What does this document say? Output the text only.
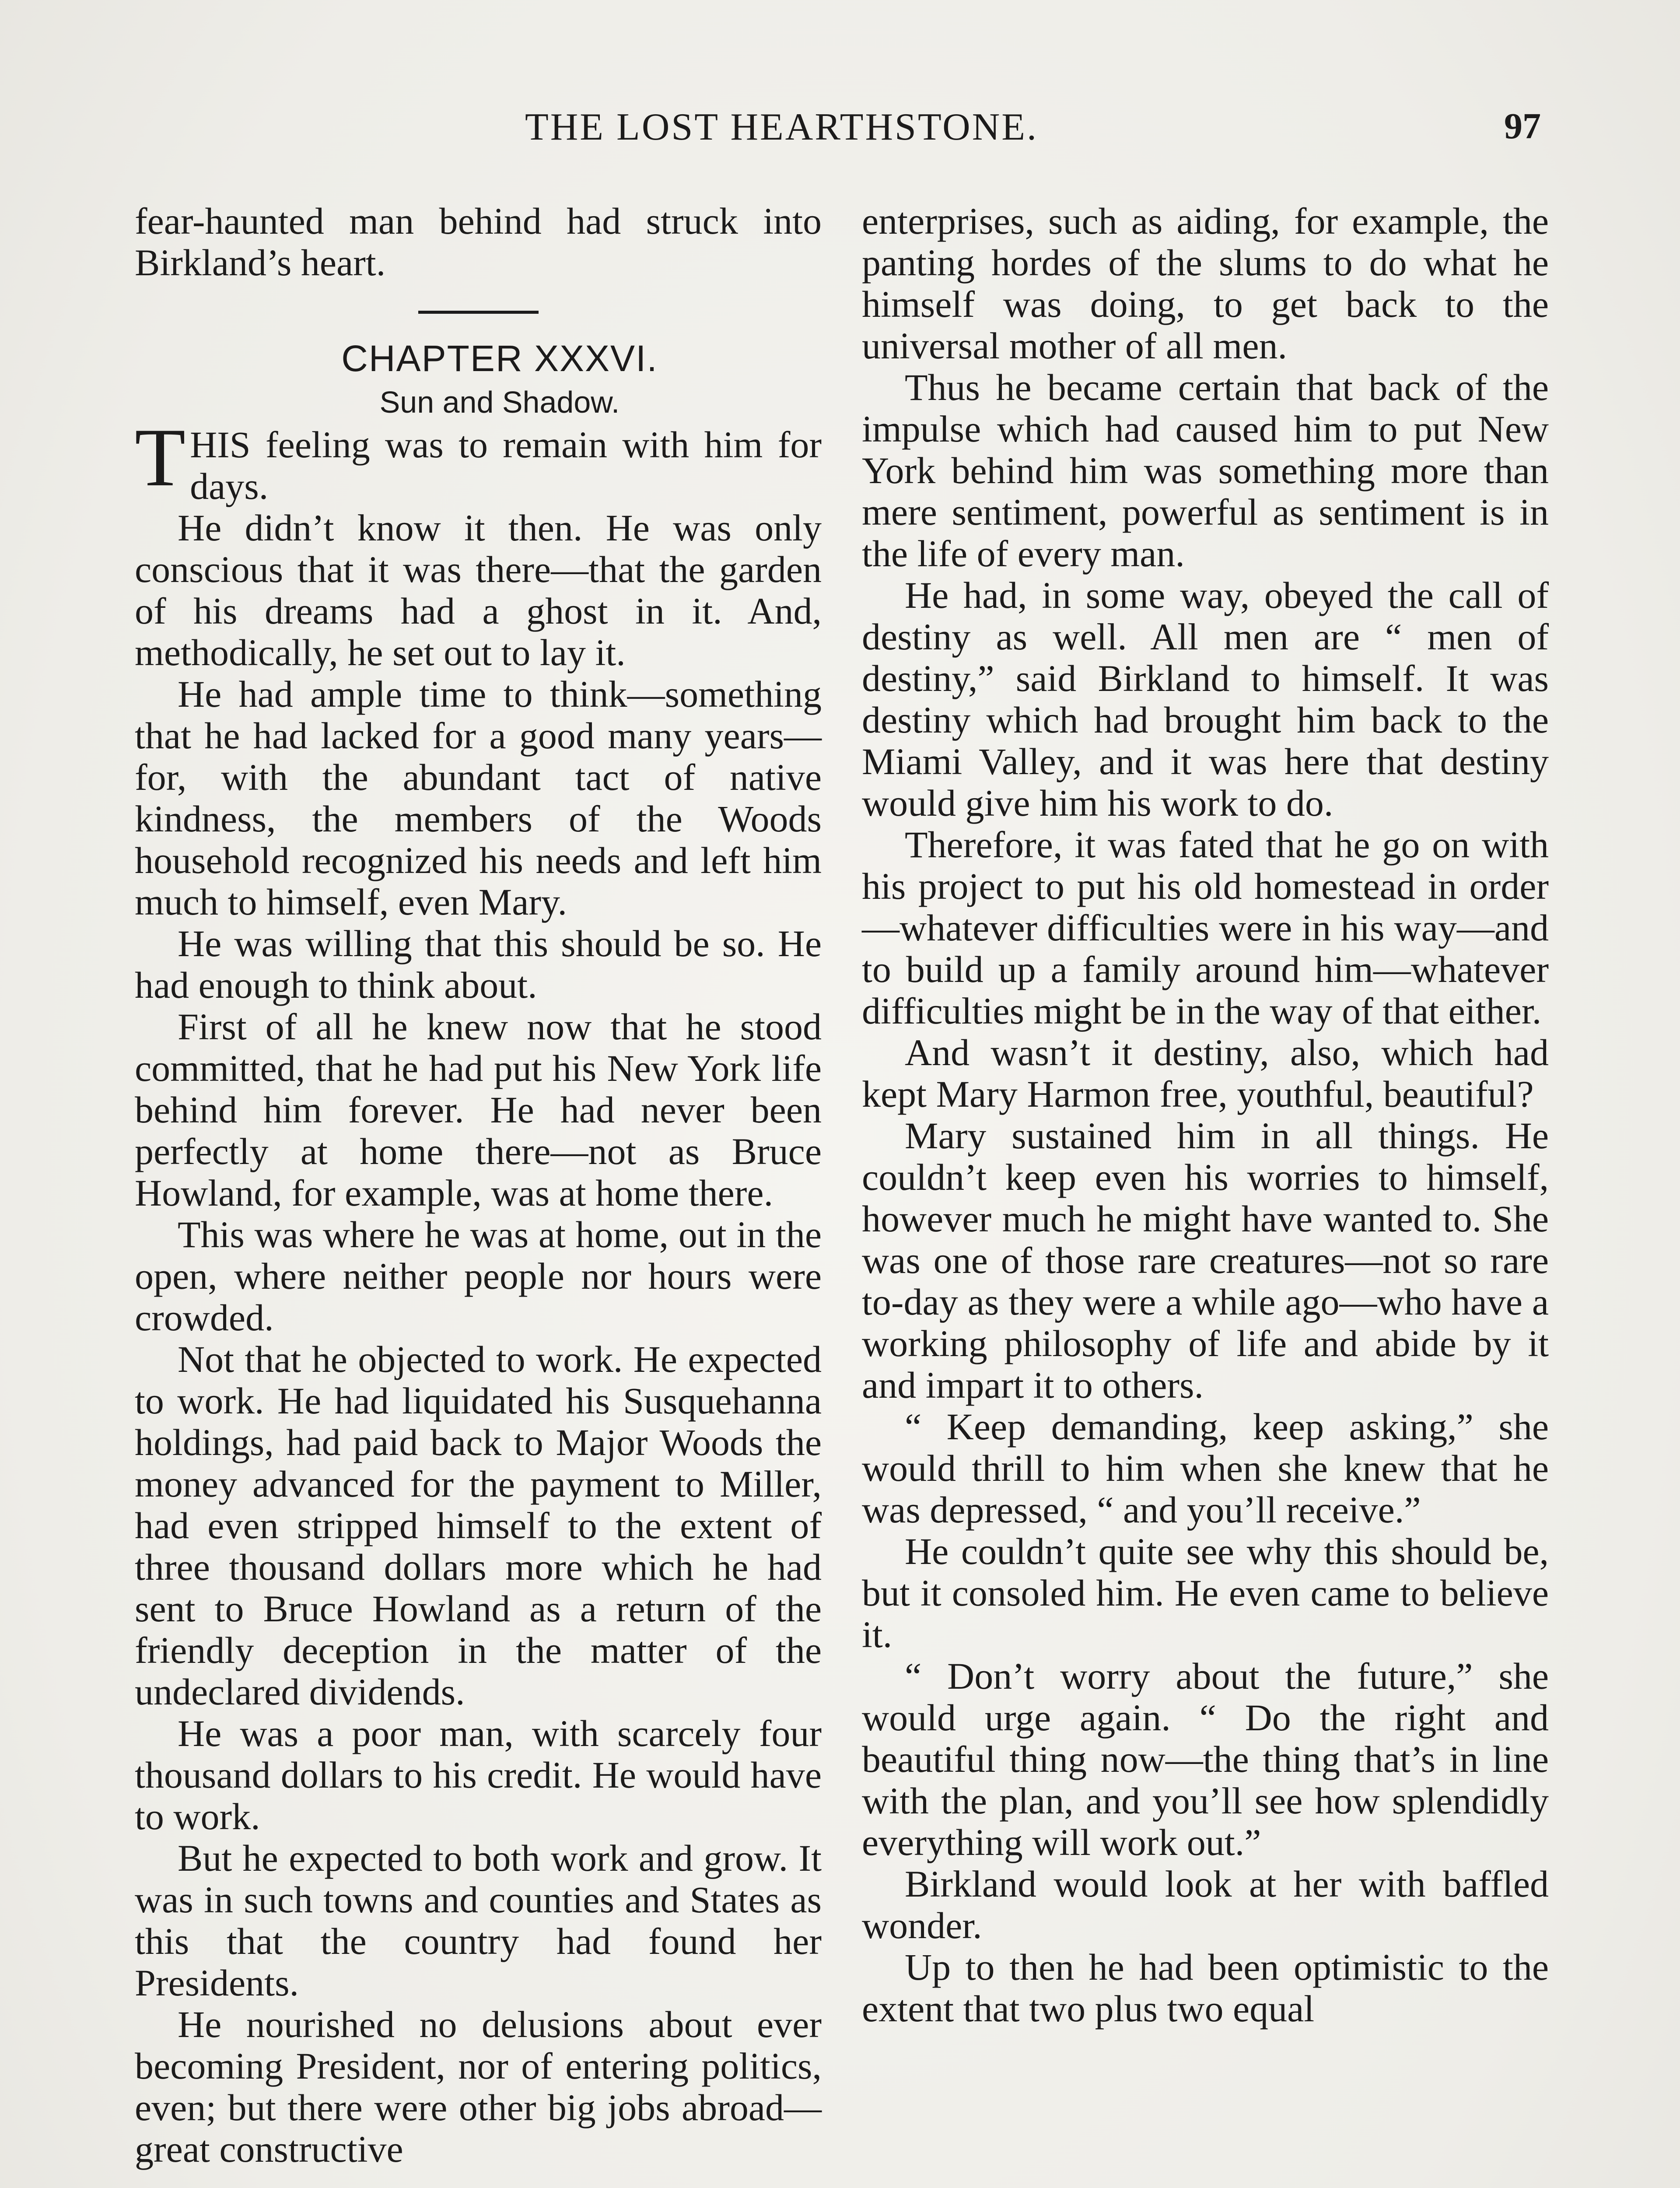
THE LOST HEARTHSTONE.	97

fear-haunted man behind had struck into Birkland’s heart.

CHAPTER XXXVI.

Sun and Shadow.

THIS feeling was to remain with him for days.

He didn’t know it then. He was only conscious that it was there—that the garden of his dreams had a ghost in it. And, methodically, he set out to lay it.

He had ample time to think—something that he had lacked for a good many years—for, with the abundant tact of native kindness, the members of the Woods household recognized his needs and left him much to himself, even Mary.

He was willing that this should be so. He had enough to think about.

First of all he knew now that he stood committed, that he had put his New York life behind him forever. He had never been perfectly at home there—not as Bruce Howland, for example, was at home there.

This was where he was at home, out in the open, where neither people nor hours were crowded.

Not that he objected to work. He expected to work. He had liquidated his Susquehanna holdings, had paid back to Major Woods the money advanced for the payment to Miller, had even stripped himself to the extent of three thousand dollars more which he had sent to Bruce Howland as a return of the friendly deception in the matter of the undeclared dividends.

He was a poor man, with scarcely four thousand dollars to his credit. He would have to work.

But he expected to both work and grow. It was in such towns and counties and States as this that the country had found her Presidents.

He nourished no delusions about ever becoming President, nor of entering politics, even; but there were other big jobs abroad—great constructive

enterprises, such as aiding, for example, the panting hordes of the slums to do what he himself was doing, to get back to the universal mother of all men.

Thus he became certain that back of the impulse which had caused him to put New York behind him was something more than mere sentiment, powerful as sentiment is in the life of every man.

He had, in some way, obeyed the call of destiny as well. All men are “ men of destiny,” said Birkland to himself. It was destiny which had brought him back to the Miami Valley, and it was here that destiny would give him his work to do.

Therefore, it was fated that he go on with his project to put his old homestead in order—whatever difficulties were in his way—and to build up a family around him—whatever difficulties might be in the way of that either.

And wasn’t it destiny, also, which had kept Mary Harmon free, youthful, beautiful?

Mary sustained him in all things. He couldn’t keep even his worries to himself, however much he might have wanted to. She was one of those rare creatures—not so rare to-day as they were a while ago—who have a working philosophy of life and abide by it and impart it to others.

“ Keep demanding, keep asking,” she would thrill to him when she knew that he was depressed, “ and you’ll receive.”

He couldn’t quite see why this should be, but it consoled him. He even came to believe it.

“ Don’t worry about the future,” she would urge again. “ Do the right and beautiful thing now—the thing that’s in line with the plan, and you’ll see how splendidly everything will work out.”

Birkland would look at her with baffled wonder.

Up to then he had been optimistic to the extent that two plus two equal
